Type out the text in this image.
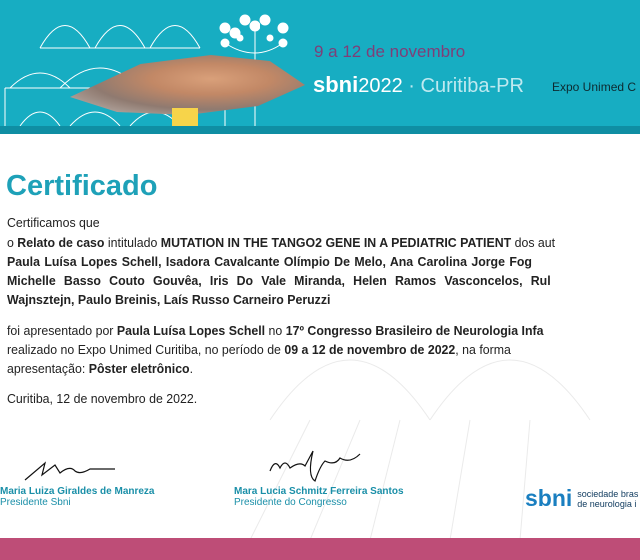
9 a 12 de novembro
sbni2022 · Curitiba-PR Expo Unimed C
Certificado
Certificamos que
o Relato de caso intitulado MUTATION IN THE TANGO2 GENE IN A PEDIATRIC PATIENT dos aut
Paula Luísa Lopes Schell, Isadora Cavalcante Olímpio De Melo, Ana Carolina Jorge Fog
Michelle Basso Couto Gouvêa, Iris Do Vale Miranda, Helen Ramos Vasconcelos, Rul
Wajnsztejn, Paulo Breinis, Laís Russo Carneiro Peruzzi
foi apresentado por Paula Luísa Lopes Schell no 17º Congresso Brasileiro de Neurologia Infa
realizado no Expo Unimed Curitiba, no período de 09 a 12 de novembro de 2022, na forma
apresentação: Pôster eletrônico.
Curitiba, 12 de novembro de 2022.
Maria Luiza Giraldes de Manreza
Presidente Sbni
Mara Lucia Schmitz Ferreira Santos
Presidente do Congresso	sbni sociedade bras
de neurologia i
